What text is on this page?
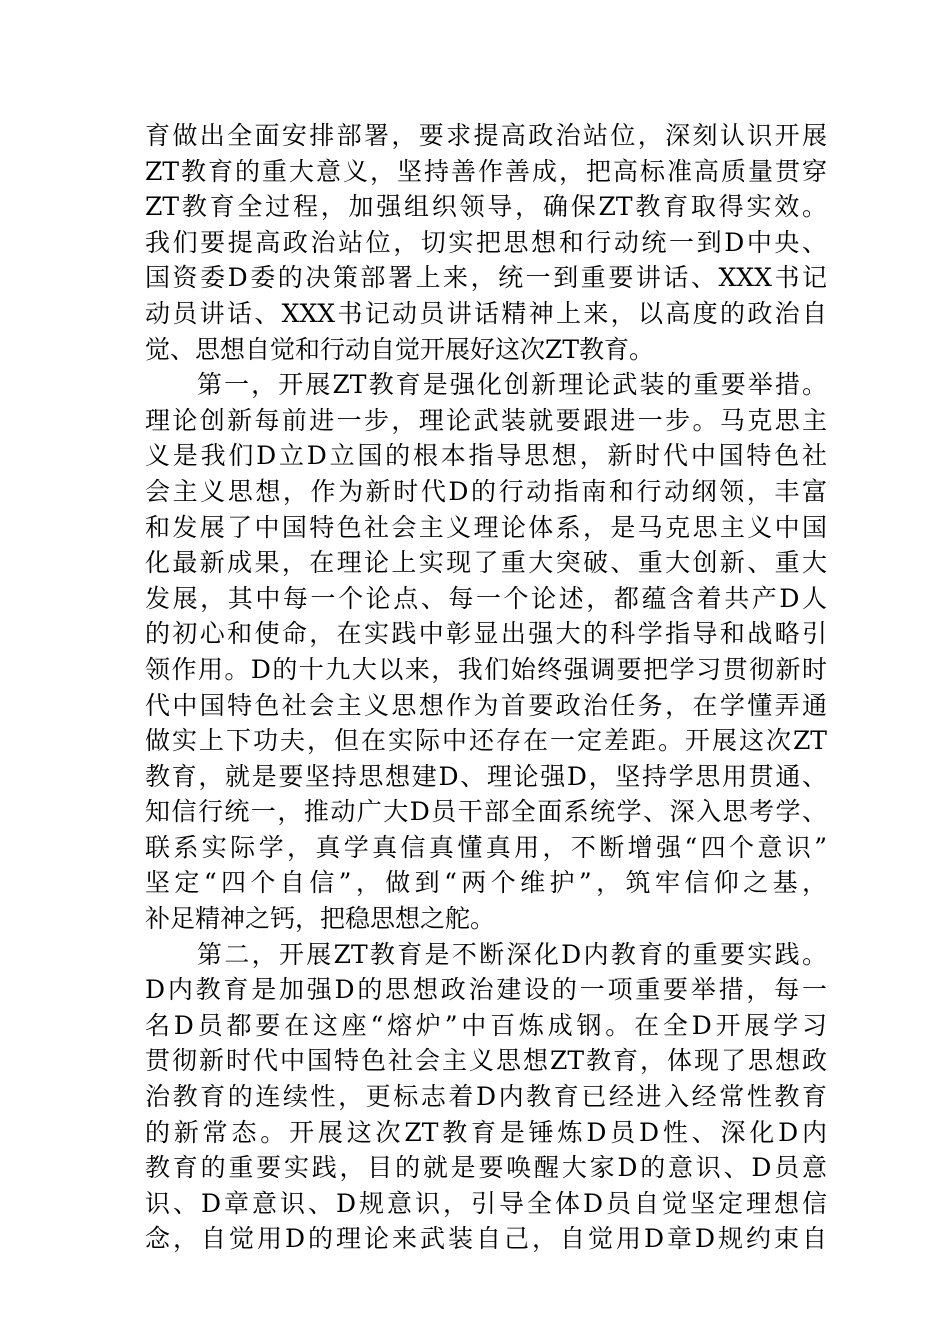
育做出全面安排部署，要求提高政治站位，深刻认识开展
ZT教育的重大意义，坚持善作善成，把高标准高质量贯穿
ZT教育全过程，加强组织领导，确保ZT教育取得实效。
我们要提高政治站位，切实把思想和行动统一到D中央、
国资委D委的决策部署上来，统一到重要讲话、XXX书记
动员讲话、XXX书记动员讲话精神上来，以高度的政治自
觉、思想自觉和行动自觉开展好这次ZT教育。
第一，开展ZT教育是强化创新理论武装的重要举措。
理论创新每前进一步，理论武装就要跟进一步。马克思主
义是我们D立D立国的根本指导思想，新时代中国特色社
会主义思想，作为新时代D的行动指南和行动纲领，丰富
和发展了中国特色社会主义理论体系，是马克思主义中国
化最新成果，在理论上实现了重大突破、重大创新、重大
发展，其中每一个论点、每一个论述，都蕴含着共产D人
的初心和使命，在实践中彰显出强大的科学指导和战略引
领作用。D的十九大以来，我们始终强调要把学习贯彻新时
代中国特色社会主义思想作为首要政治任务，在学懂弄通
做实上下功夫，但在实际中还存在一定差距。开展这次ZT
教育，就是要坚持思想建D、理论强D，坚持学思用贯通、
知信行统一，推动广大D员干部全面系统学、深入思考学、
联系实际学，真学真信真懂真用，不断增强“四个意识”
坚定“四个自信”，做到“两个维护”，筑牢信仰之基，
补足精神之钙，把稳思想之舵。
第二，开展ZT教育是不断深化D内教育的重要实践。
D内教育是加强D的思想政治建设的一项重要举措，每一
名D员都要在这座“熔炉”中百炼成钢。在全D开展学习
贯彻新时代中国特色社会主义思想ZT教育，体现了思想政
治教育的连续性，更标志着D内教育已经进入经常性教育
的新常态。开展这次ZT教育是锤炼D员D性、深化D内
教育的重要实践，目的就是要唤醒大家D的意识、D员意
识、D章意识、D规意识，引导全体D员自觉坚定理想信
念，自觉用D的理论来武装自己，自觉用D章D规约束自
